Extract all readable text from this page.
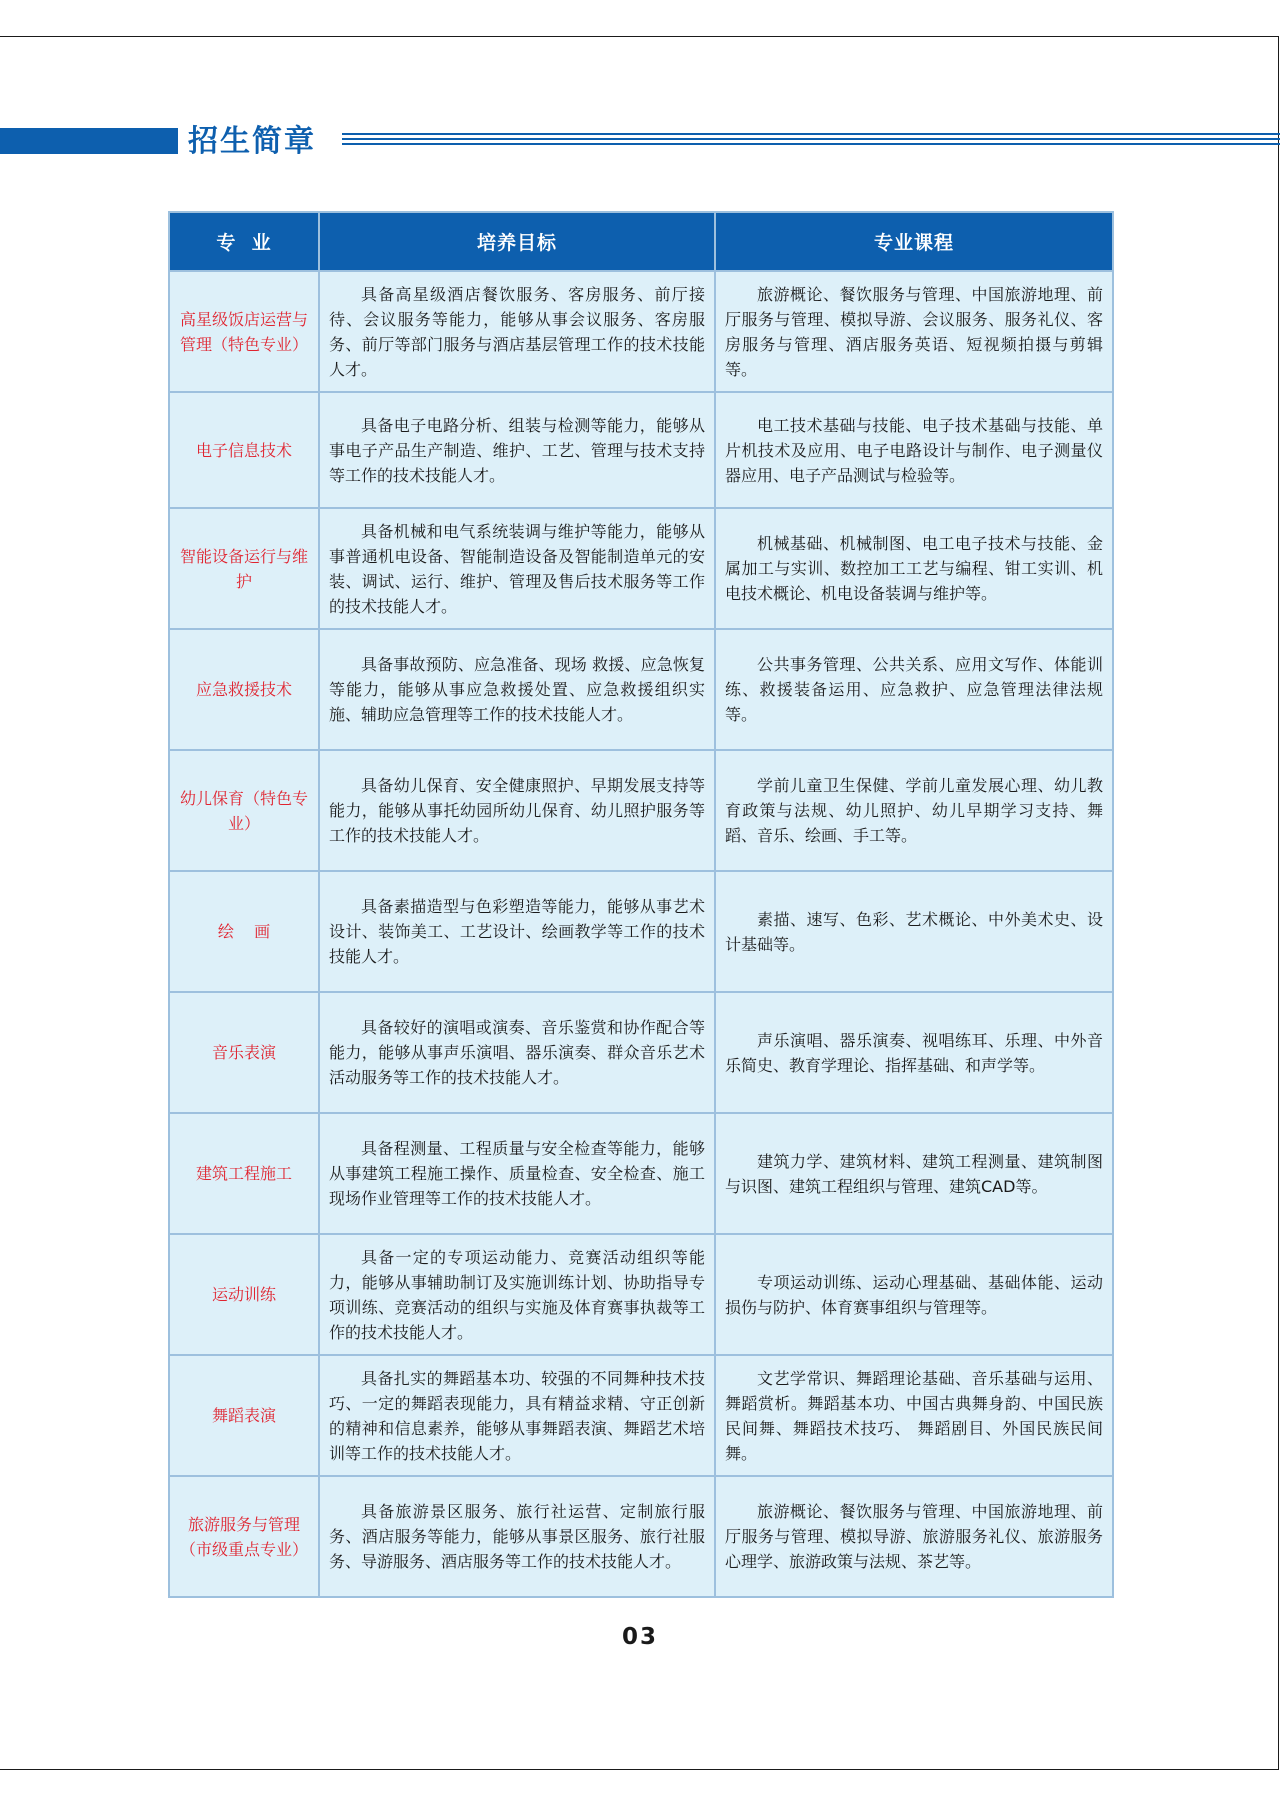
招生简章
专  业	培养目标	专业课程
高星级饭店运营与管理（特色专业）	具备高星级酒店餐饮服务、客房服务、前厅接待、会议服务等能力，能够从事会议服务、客房服务、前厅等部门服务与酒店基层管理工作的技术技能人才。	旅游概论、餐饮服务与管理、中国旅游地理、前厅服务与管理、模拟导游、会议服务、服务礼仪、客房服务与管理、酒店服务英语、短视频拍摄与剪辑等。
电子信息技术	具备电子电路分析、组装与检测等能力，能够从事电子产品生产制造、维护、工艺、管理与技术支持等工作的技术技能人才。	电工技术基础与技能、电子技术基础与技能、单片机技术及应用、电子电路设计与制作、电子测量仪器应用、电子产品测试与检验等。
智能设备运行与维护	具备机械和电气系统装调与维护等能力，能够从事普通机电设备、智能制造设备及智能制造单元的安装、调试、运行、维护、管理及售后技术服务等工作的技术技能人才。	机械基础、机械制图、电工电子技术与技能、金属加工与实训、数控加工工艺与编程、钳工实训、机电技术概论、机电设备装调与维护等。
应急救援技术	具备事故预防、应急准备、现场 救援、应急恢复等能力，能够从事应急救援处置、应急救援组织实施、辅助应急管理等工作的技术技能人才。	公共事务管理、公共关系、应用文写作、体能训练、救援装备运用、应急救护、应急管理法律法规等。
幼儿保育（特色专业）	具备幼儿保育、安全健康照护、早期发展支持等能力，能够从事托幼园所幼儿保育、幼儿照护服务等工作的技术技能人才。	学前儿童卫生保健、学前儿童发展心理、幼儿教育政策与法规、幼儿照护、幼儿早期学习支持、舞蹈、音乐、绘画、手工等。
绘    画	具备素描造型与色彩塑造等能力，能够从事艺术设计、装饰美工、工艺设计、绘画教学等工作的技术技能人才。	素描、速写、色彩、艺术概论、中外美术史、设计基础等。
音乐表演	具备较好的演唱或演奏、音乐鉴赏和协作配合等能力，能够从事声乐演唱、器乐演奏、群众音乐艺术活动服务等工作的技术技能人才。	声乐演唱、器乐演奏、视唱练耳、乐理、中外音乐简史、教育学理论、指挥基础、和声学等。
建筑工程施工	具备程测量、工程质量与安全检查等能力，能够从事建筑工程施工操作、质量检查、安全检查、施工现场作业管理等工作的技术技能人才。	建筑力学、建筑材料、建筑工程测量、建筑制图与识图、建筑工程组织与管理、建筑CAD等。
运动训练	具备一定的专项运动能力、竞赛活动组织等能力，能够从事辅助制订及实施训练计划、协助指导专项训练、竞赛活动的组织与实施及体育赛事执裁等工作的技术技能人才。	专项运动训练、运动心理基础、基础体能、运动损伤与防护、体育赛事组织与管理等。
舞蹈表演	具备扎实的舞蹈基本功、较强的不同舞种技术技巧、一定的舞蹈表现能力，具有精益求精、守正创新的精神和信息素养，能够从事舞蹈表演、舞蹈艺术培训等工作的技术技能人才。	文艺学常识、舞蹈理论基础、音乐基础与运用、舞蹈赏析。舞蹈基本功、中国古典舞身韵、中国民族民间舞、舞蹈技术技巧、 舞蹈剧目、外国民族民间舞。
旅游服务与管理（市级重点专业）	具备旅游景区服务、旅行社运营、定制旅行服务、酒店服务等能力，能够从事景区服务、旅行社服务、导游服务、酒店服务等工作的技术技能人才。	旅游概论、餐饮服务与管理、中国旅游地理、前厅服务与管理、模拟导游、旅游服务礼仪、旅游服务心理学、旅游政策与法规、茶艺等。
03
